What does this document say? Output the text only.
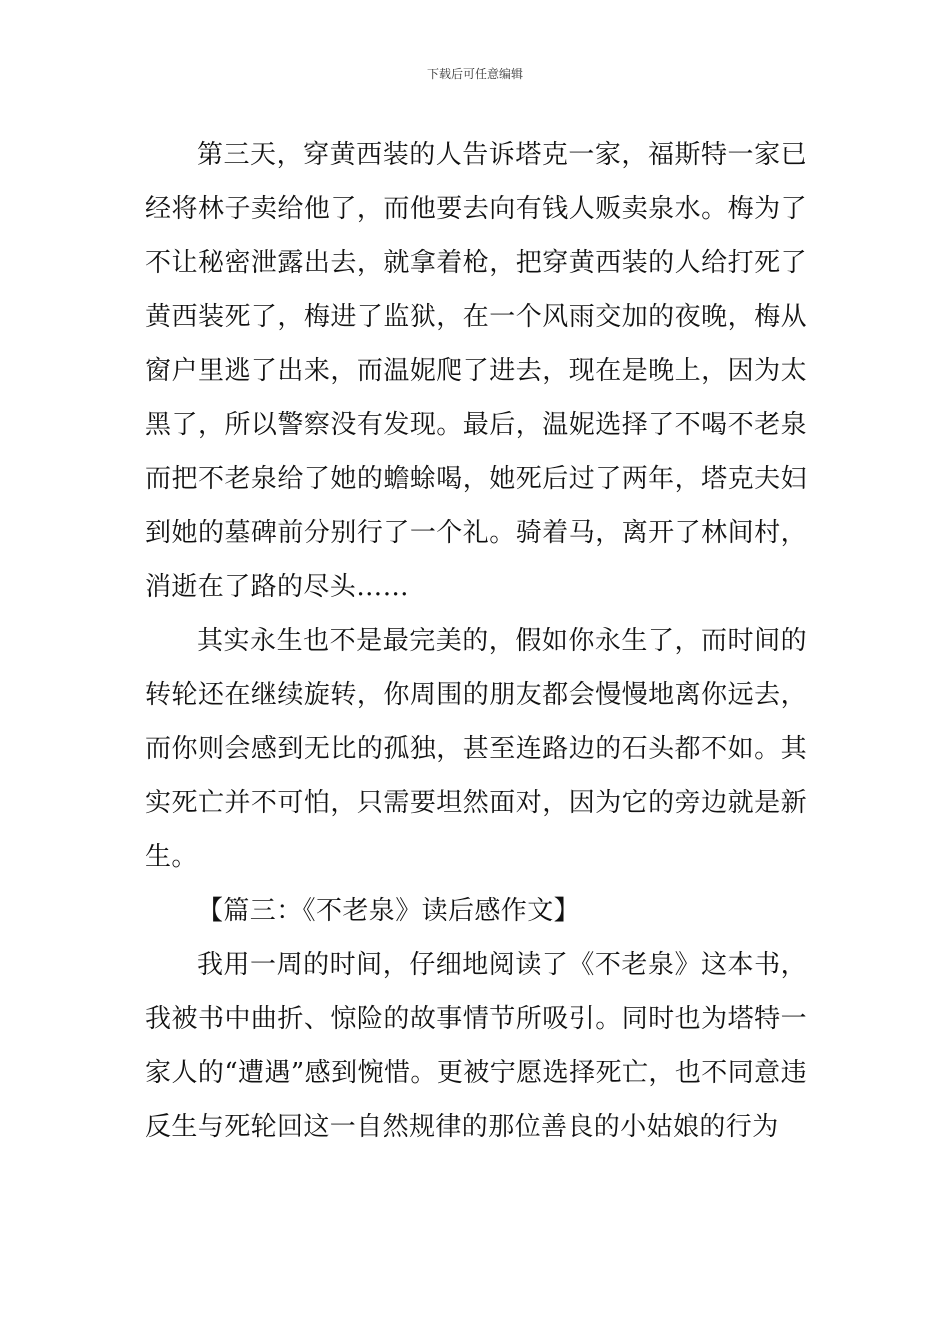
下载后可任意编辑

第三天，穿黄西装的人告诉塔克一家，福斯特一家已经将林子卖给他了，而他要去向有钱人贩卖泉水。梅为了不让秘密泄露出去，就拿着枪，把穿黄西装的人给打死了黄西装死了，梅进了监狱，在一个风雨交加的夜晚，梅从窗户里逃了出来，而温妮爬了进去，现在是晚上，因为太黑了，所以警察没有发现。最后，温妮选择了不喝不老泉而把不老泉给了她的蟾蜍喝，她死后过了两年，塔克夫妇到她的墓碑前分别行了一个礼。骑着马，离开了林间村，消逝在了路的尽头……

其实永生也不是最完美的，假如你永生了，而时间的转轮还在继续旋转，你周围的朋友都会慢慢地离你远去，而你则会感到无比的孤独，甚至连路边的石头都不如。其实死亡并不可怕，只需要坦然面对，因为它的旁边就是新生。

【篇三：《不老泉》读后感作文】

我用一周的时间，仔细地阅读了《不老泉》这本书，我被书中曲折、惊险的故事情节所吸引。同时也为塔特一家人的“遭遇”感到惋惜。更被宁愿选择死亡，也不同意违反生与死轮回这一自然规律的那位善良的小姑娘的行为
